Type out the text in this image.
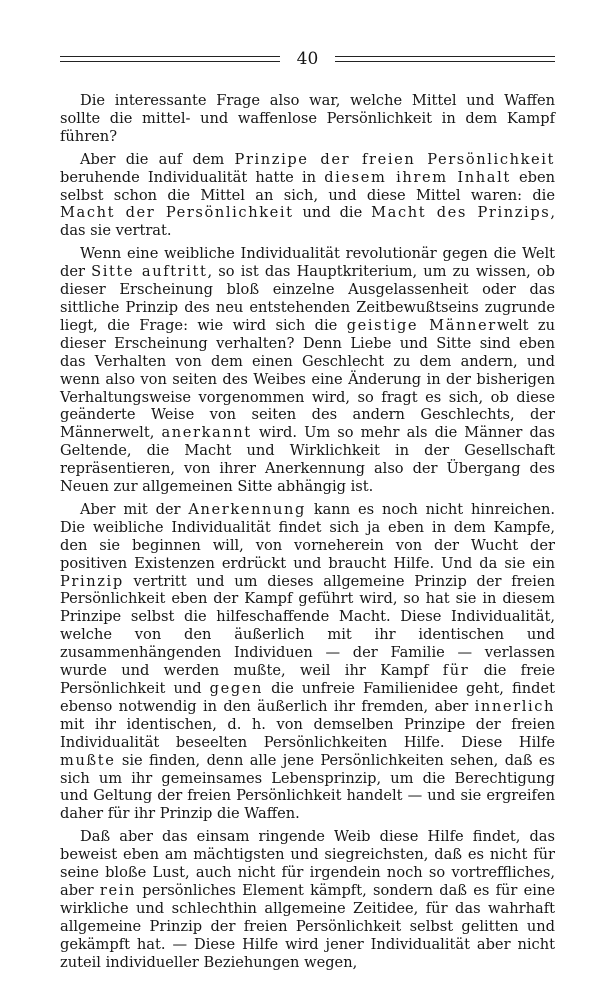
40

Die interessante Frage also war, welche Mittel und Waffen sollte die mittel- und waffenlose Persönlichkeit in dem Kampf führen?

Aber die auf dem Prinzipe der freien Persönlichkeit beruhende Individualität hatte in diesem ihrem Inhalt eben selbst schon die Mittel an sich, und diese Mittel waren: die Macht der Persönlichkeit und die Macht des Prinzips, das sie vertrat.

Wenn eine weibliche Individualität revolutionär gegen die Welt der Sitte auftritt, so ist das Hauptkriterium, um zu wissen, ob dieser Erscheinung bloß einzelne Ausgelassenheit oder das sittliche Prinzip des neu entstehenden Zeitbewußtseins zugrunde liegt, die Frage: wie wird sich die geistige Männerwelt zu dieser Erscheinung verhalten? Denn Liebe und Sitte sind eben das Verhalten von dem einen Geschlecht zu dem andern, und wenn also von seiten des Weibes eine Änderung in der bisherigen Verhaltungsweise vorgenommen wird, so fragt es sich, ob diese geänderte Weise von seiten des andern Geschlechts, der Männerwelt, anerkannt wird. Um so mehr als die Männer das Geltende, die Macht und Wirklichkeit in der Gesellschaft repräsentieren, von ihrer Anerkennung also der Übergang des Neuen zur allgemeinen Sitte abhängig ist.

Aber mit der Anerkennung kann es noch nicht hinreichen. Die weibliche Individualität findet sich ja eben in dem Kampfe, den sie beginnen will, von vorneherein von der Wucht der positiven Existenzen erdrückt und braucht Hilfe. Und da sie ein Prinzip vertritt und um dieses allgemeine Prinzip der freien Persönlichkeit eben der Kampf geführt wird, so hat sie in diesem Prinzipe selbst die hilfeschaffende Macht. Diese Individualität, welche von den äußerlich mit ihr identischen und zusammenhängenden Individuen — der Familie — verlassen wurde und werden mußte, weil ihr Kampf für die freie Persönlichkeit und gegen die unfreie Familienidee geht, findet ebenso notwendig in den äußerlich ihr fremden, aber innerlich mit ihr identischen, d. h. von demselben Prinzipe der freien Individualität beseelten Persönlichkeiten Hilfe. Diese Hilfe mußte sie finden, denn alle jene Persönlichkeiten sehen, daß es sich um ihr gemeinsames Lebensprinzip, um die Berechtigung und Geltung der freien Persönlichkeit handelt — und sie ergreifen daher für ihr Prinzip die Waffen.

Daß aber das einsam ringende Weib diese Hilfe findet, das beweist eben am mächtigsten und siegreichsten, daß es nicht für seine bloße Lust, auch nicht für irgendein noch so vortreffliches, aber rein persönliches Element kämpft, sondern daß es für eine wirkliche und schlechthin allgemeine Zeitidee, für das wahrhaft allgemeine Prinzip der freien Persönlichkeit selbst gelitten und gekämpft hat. — Diese Hilfe wird jener Individualität aber nicht zuteil individueller Beziehungen wegen,
